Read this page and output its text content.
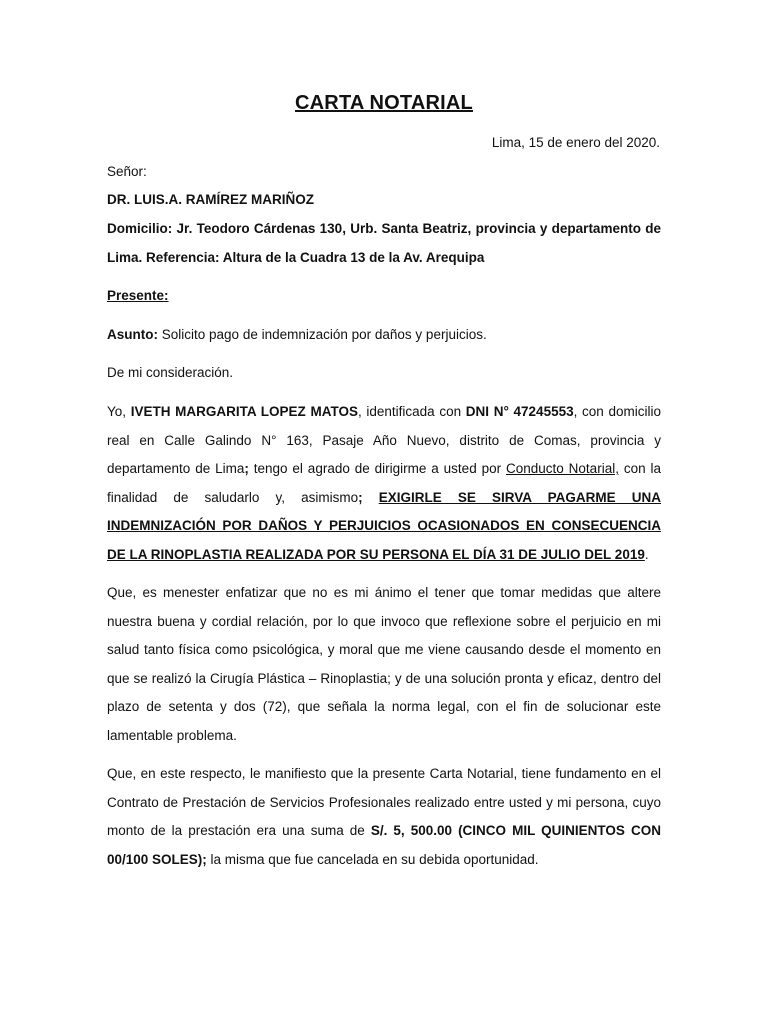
CARTA NOTARIAL
Lima, 15 de enero del 2020.
Señor:
DR. LUIS.A. RAMÍREZ MARIÑOZ
Domicilio: Jr. Teodoro Cárdenas 130, Urb. Santa Beatriz, provincia y departamento de Lima. Referencia: Altura de la Cuadra 13 de la Av. Arequipa
Presente:
Asunto: Solicito pago de indemnización por daños y perjuicios.
De mi consideración.
Yo, IVETH MARGARITA LOPEZ MATOS, identificada con DNI N° 47245553, con domicilio real en Calle Galindo N° 163, Pasaje Año Nuevo, distrito de Comas, provincia y departamento de Lima; tengo el agrado de dirigirme a usted por Conducto Notarial, con la finalidad de saludarlo y, asimismo; EXIGIRLE SE SIRVA PAGARME UNA INDEMNIZACIÓN POR DAÑOS Y PERJUICIOS OCASIONADOS EN CONSECUENCIA DE LA RINOPLASTIA REALIZADA POR SU PERSONA EL DÍA 31 DE JULIO DEL 2019.
Que, es menester enfatizar que no es mi ánimo el tener que tomar medidas que altere nuestra buena y cordial relación, por lo que invoco que reflexione sobre el perjuicio en mi salud tanto física como psicológica, y moral que me viene causando desde el momento en que se realizó la Cirugía Plástica – Rinoplastia; y de una solución pronta y eficaz, dentro del plazo de setenta y dos (72), que señala la norma legal, con el fin de solucionar este lamentable problema.
Que, en este respecto, le manifiesto que la presente Carta Notarial, tiene fundamento en el Contrato de Prestación de Servicios Profesionales realizado entre usted y mi persona, cuyo monto de la prestación era una suma de S/. 5, 500.00 (CINCO MIL QUINIENTOS CON 00/100 SOLES); la misma que fue cancelada en su debida oportunidad.
